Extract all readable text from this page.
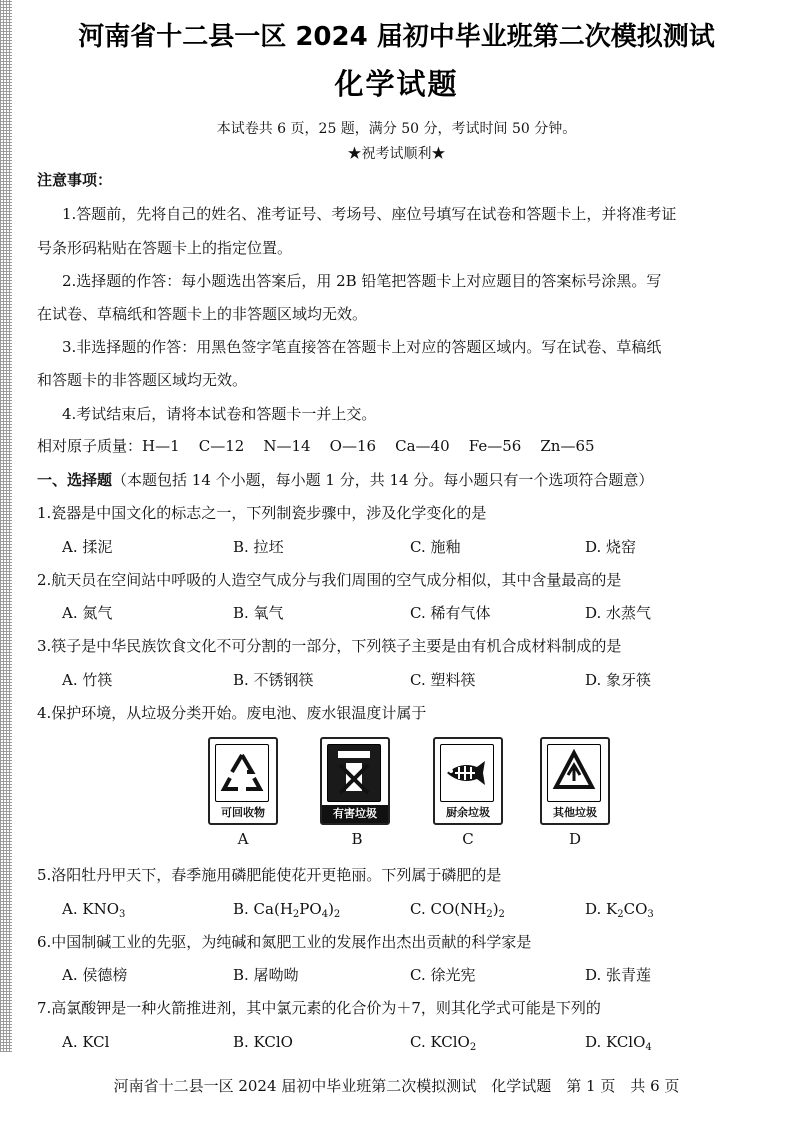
河南省十二县一区 2024 届初中毕业班第二次模拟测试
化学试题
本试卷共 6 页，25 题，满分 50 分，考试时间 50 分钟。
★祝考试顺利★
注意事项：
1.答题前，先将自己的姓名、准考证号、考场号、座位号填写在试卷和答题卡上，并将准考证
号条形码粘贴在答题卡上的指定位置。
2.选择题的作答：每小题选出答案后，用 2B 铅笔把答题卡上对应题目的答案标号涂黑。写
在试卷、草稿纸和答题卡上的非答题区域均无效。
3.非选择题的作答：用黑色签字笔直接答在答题卡上对应的答题区域内。写在试卷、草稿纸
和答题卡的非答题区域均无效。
4.考试结束后，请将本试卷和答题卡一并上交。
相对原子质量：H—1 C—12 N—14 O—16 Ca—40 Fe—56 Zn—65
一、选择题（本题包括 14 个小题，每小题 1 分，共 14 分。每小题只有一个选项符合题意）
1.瓷器是中国文化的标志之一，下列制瓷步骤中，涉及化学变化的是
A. 揉泥	B. 拉坯	C. 施釉	D. 烧窑
2.航天员在空间站中呼吸的人造空气成分与我们周围的空气成分相似，其中含量最高的是
A. 氮气	B. 氧气	C. 稀有气体	D. 水蒸气
3.筷子是中华民族饮食文化不可分割的一部分，下列筷子主要是由有机合成材料制成的是
A. 竹筷	B. 不锈钢筷	C. 塑料筷	D. 象牙筷
4.保护环境，从垃圾分类开始。废电池、废水银温度计属于
可回收物	有害垃圾	厨余垃圾	其他垃圾
A	B	C	D
5.洛阳牡丹甲天下，春季施用磷肥能使花开更艳丽。下列属于磷肥的是
A. $KNO_3$	B. $Ca(H_2PO_4)_2$	C. $CO(NH_2)_2$	D. $K_2CO_3$
6.中国制碱工业的先驱，为纯碱和氮肥工业的发展作出杰出贡献的科学家是
A. 侯德榜	B. 屠呦呦	C. 徐光宪	D. 张青莲
7.高氯酸钾是一种火箭推进剂，其中氯元素的化合价为＋7，则其化学式可能是下列的
A. KCl	B. KClO	C. KClO$_2$	D. KClO$_4$
河南省十二县一区 2024 届初中毕业班第二次模拟测试　化学试题　第 1 页　共 6 页
